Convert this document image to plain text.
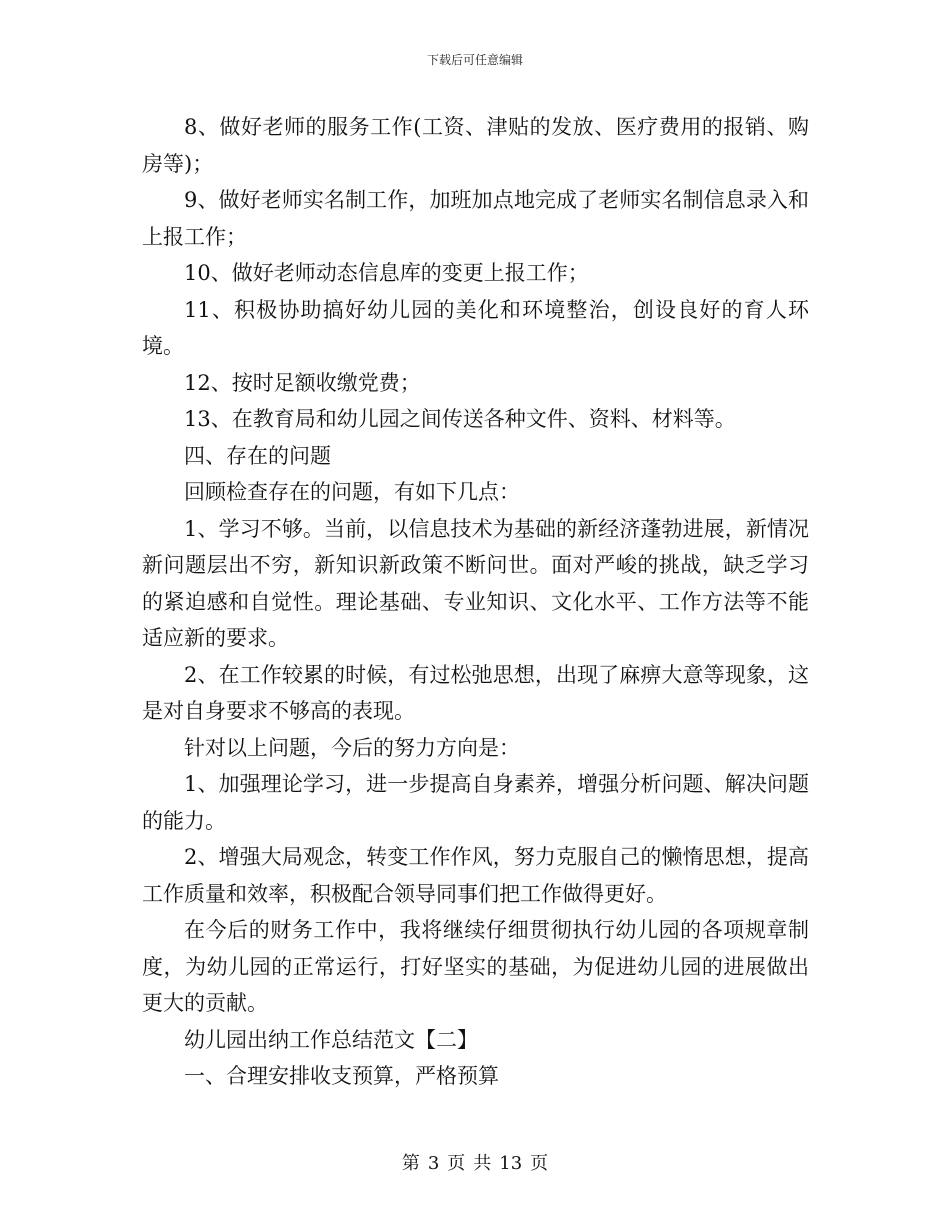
下载后可任意编辑

8、做好老师的服务工作(工资、津贴的发放、医疗费用的报销、购房等)；

9、做好老师实名制工作，加班加点地完成了老师实名制信息录入和上报工作；

10、做好老师动态信息库的变更上报工作；

11、积极协助搞好幼儿园的美化和环境整治，创设良好的育人环境。

12、按时足额收缴党费；

13、在教育局和幼儿园之间传送各种文件、资料、材料等。

四、存在的问题

回顾检查存在的问题，有如下几点：

1、学习不够。当前，以信息技术为基础的新经济蓬勃进展，新情况新问题层出不穷，新知识新政策不断问世。面对严峻的挑战，缺乏学习的紧迫感和自觉性。理论基础、专业知识、文化水平、工作方法等不能适应新的要求。

2、在工作较累的时候，有过松弛思想，出现了麻痹大意等现象，这是对自身要求不够高的表现。

针对以上问题，今后的努力方向是：

1、加强理论学习，进一步提高自身素养，增强分析问题、解决问题的能力。

2、增强大局观念，转变工作作风，努力克服自己的懒惰思想，提高工作质量和效率，积极配合领导同事们把工作做得更好。

在今后的财务工作中，我将继续仔细贯彻执行幼儿园的各项规章制度，为幼儿园的正常运行，打好坚实的基础，为促进幼儿园的进展做出更大的贡献。

幼儿园出纳工作总结范文【二】

一、合理安排收支预算，严格预算

第 3 页 共 13 页
